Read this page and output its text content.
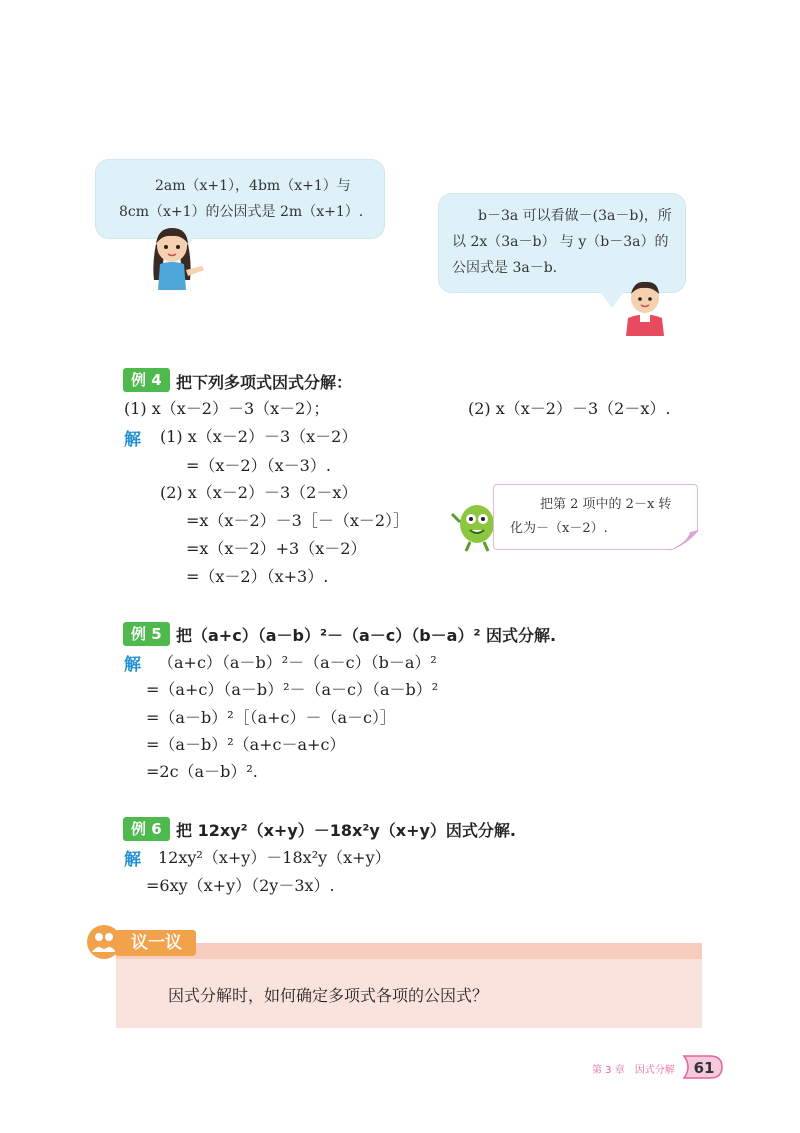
2am（x+1），4bm（x+1）与
8cm（x+1）的公因式是 2m（x+1）.	b－3a 可以看做－(3a－b)，所
以 2x（3a－b） 与 y（b－3a）的
公因式是 3a－b.
例 4 把下列多项式因式分解：
(1) x（x－2）－3（x－2）；	(2) x（x－2）－3（2－x）.
解 (1) x（x－2）－3（x－2）
=（x－2）（x－3）.
(2) x（x－2）－3（2－x）
=x（x－2）－3［－（x－2）］
=x（x－2）+3（x－2）
=（x－2）（x+3）.
把第 2 项中的 2－x 转
化为－（x－2）.
例 5 把（a+c）（a－b）²－（a－c）（b－a）² 因式分解.
解 （a+c）（a－b）²－（a－c）（b－a）²
=（a+c）（a－b）²－（a－c）（a－b）²
=（a－b）²［（a+c）－（a－c）］
=（a－b）²（a+c－a+c）
=2c（a－b）².
例 6 把 12xy²（x+y）－18x²y（x+y）因式分解.
解 12xy²（x+y）－18x²y（x+y）
=6xy（x+y）（2y－3x）.
因式分解时，如何确定多项式各项的公因式？
议一议
第 3 章　因式分解 61
